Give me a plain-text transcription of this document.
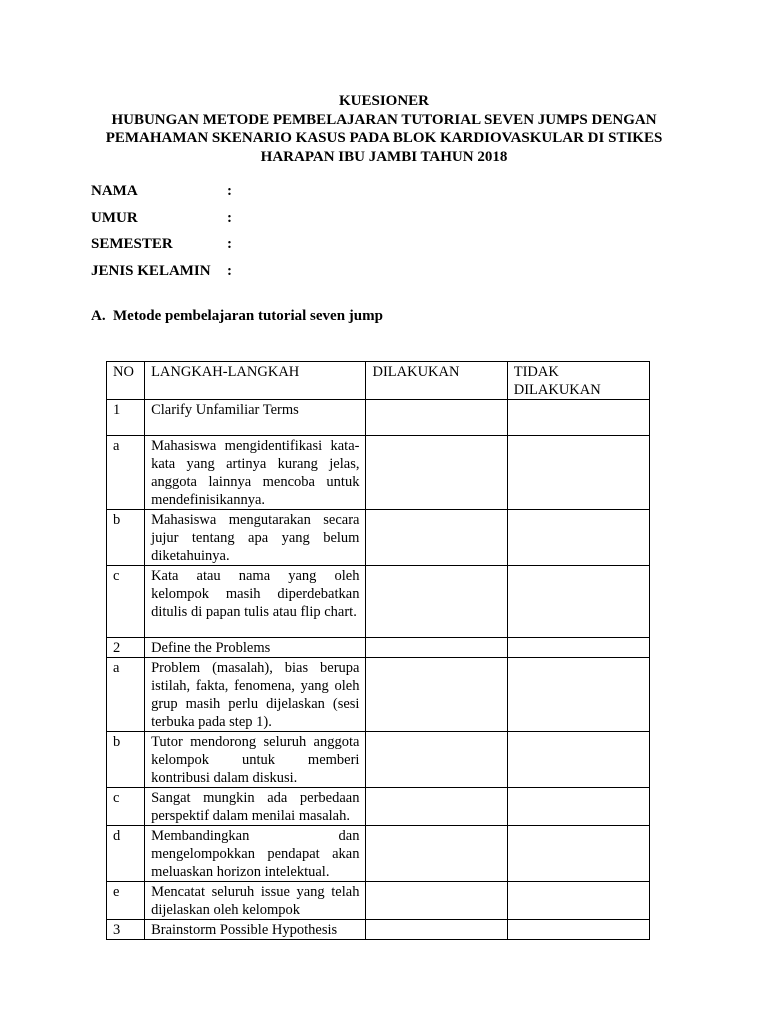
KUESIONER
HUBUNGAN METODE PEMBELAJARAN TUTORIAL SEVEN JUMPS DENGAN
PEMAHAMAN SKENARIO KASUS PADA BLOK KARDIOVASKULAR DI STIKES
HARAPAN IBU JAMBI TAHUN 2018
NAMA	:
UMUR	:
SEMESTER	:
JENIS KELAMIN :
A. Metode pembelajaran tutorial seven jump
NO	LANGKAH-LANGKAH	DILAKUKAN	TIDAK DILAKUKAN
1	Clarify Unfamiliar Terms		
a	Mahasiswa mengidentifikasi kata-kata yang artinya kurang jelas, anggota lainnya mencoba untuk mendefinisikannya.		
b	Mahasiswa mengutarakan secara jujur tentang apa yang belum diketahuinya.		
c	Kata atau nama yang oleh kelompok masih diperdebatkan ditulis di papan tulis atau flip chart.		
2	Define the Problems		
a	Problem (masalah), bias berupa istilah, fakta, fenomena, yang oleh grup masih perlu dijelaskan (sesi terbuka pada step 1).		
b	Tutor mendorong seluruh anggota kelompok untuk memberi kontribusi dalam diskusi.		
c	Sangat mungkin ada perbedaan perspektif dalam menilai masalah.		
d	Membandingkan dan mengelompokkan pendapat akan meluaskan horizon intelektual.		
e	Mencatat seluruh issue yang telah dijelaskan oleh kelompok		
3	Brainstorm Possible Hypothesis		
